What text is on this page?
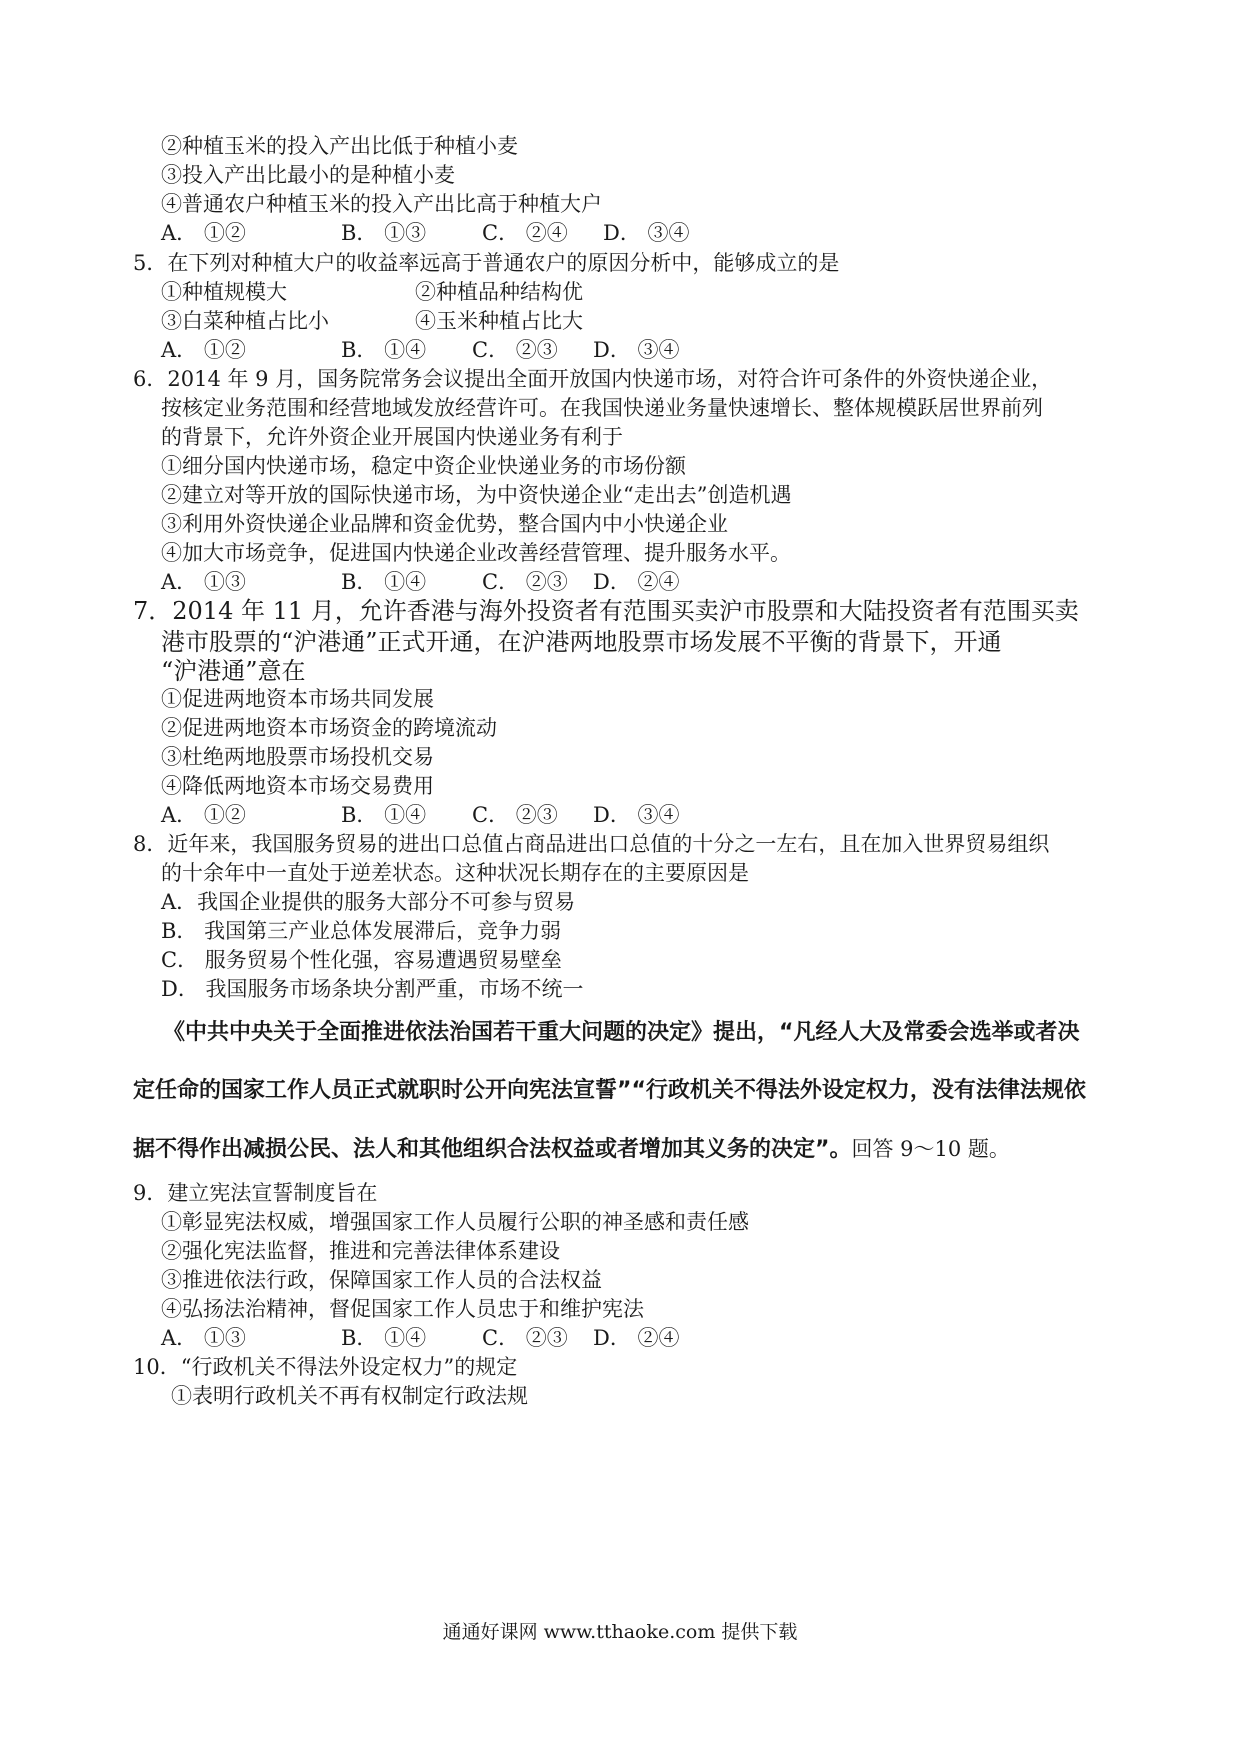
②种植玉米的投入产出比低于种植小麦
③投入产出比最小的是种植小麦
④普通农户种植玉米的投入产出比高于种植大户
A． ①②	B． ①③	C． ②④ D． ③④
5．在下列对种植大户的收益率远高于普通农户的原因分析中，能够成立的是
①种植规模大	②种植品种结构优
③白菜种植占比小	④玉米种植占比大
A． ①②	B． ①④ C． ②③ D． ③④
6．2014 年 9 月，国务院常务会议提出全面开放国内快递市场，对符合许可条件的外资快递企业，
按核定业务范围和经营地域发放经营许可。在我国快递业务量快速增长、整体规模跃居世界前列
的背景下，允许外资企业开展国内快递业务有利于
①细分国内快递市场，稳定中资企业快递业务的市场份额
②建立对等开放的国际快递市场，为中资快递企业“走出去”创造机遇
③利用外资快递企业品牌和资金优势，整合国内中小快递企业
④加大市场竞争，促进国内快递企业改善经营管理、提升服务水平。
A． ①③	B． ①④	C． ②③ D． ②④
7．2014 年 11 月，允许香港与海外投资者有范围买卖沪市股票和大陆投资者有范围买卖
港市股票的“沪港通”正式开通，在沪港两地股票市场发展不平衡的背景下，开通
“沪港通”意在
①促进两地资本市场共同发展
②促进两地资本市场资金的跨境流动
③杜绝两地股票市场投机交易
④降低两地资本市场交易费用
A． ①②	B． ①④ C． ②③ D． ③④
8．近年来，我国服务贸易的进出口总值占商品进出口总值的十分之一左右，且在加入世界贸易组织
的十余年中一直处于逆差状态。这种状况长期存在的主要原因是
A．我国企业提供的服务大部分不可参与贸易
B． 我国第三产业总体发展滞后，竞争力弱
C． 服务贸易个性化强，容易遭遇贸易壁垒
D． 我国服务市场条块分割严重，市场不统一
《中共中央关于全面推进依法治国若干重大问题的决定》提出，“凡经人大及常委会选举或者决
定任命的国家工作人员正式就职时公开向宪法宣誓”“行政机关不得法外设定权力，没有法律法规依
据不得作出减损公民、法人和其他组织合法权益或者增加其义务的决定”。回答 9～10 题。
9．建立宪法宣誓制度旨在
①彰显宪法权威，增强国家工作人员履行公职的神圣感和责任感
②强化宪法监督，推进和完善法律体系建设
③推进依法行政，保障国家工作人员的合法权益
④弘扬法治精神，督促国家工作人员忠于和维护宪法
A． ①③	B． ①④	C． ②③ D． ②④
10．“行政机关不得法外设定权力”的规定
①表明行政机关不再有权制定行政法规
通通好课网 www.tthaoke.com 提供下载
